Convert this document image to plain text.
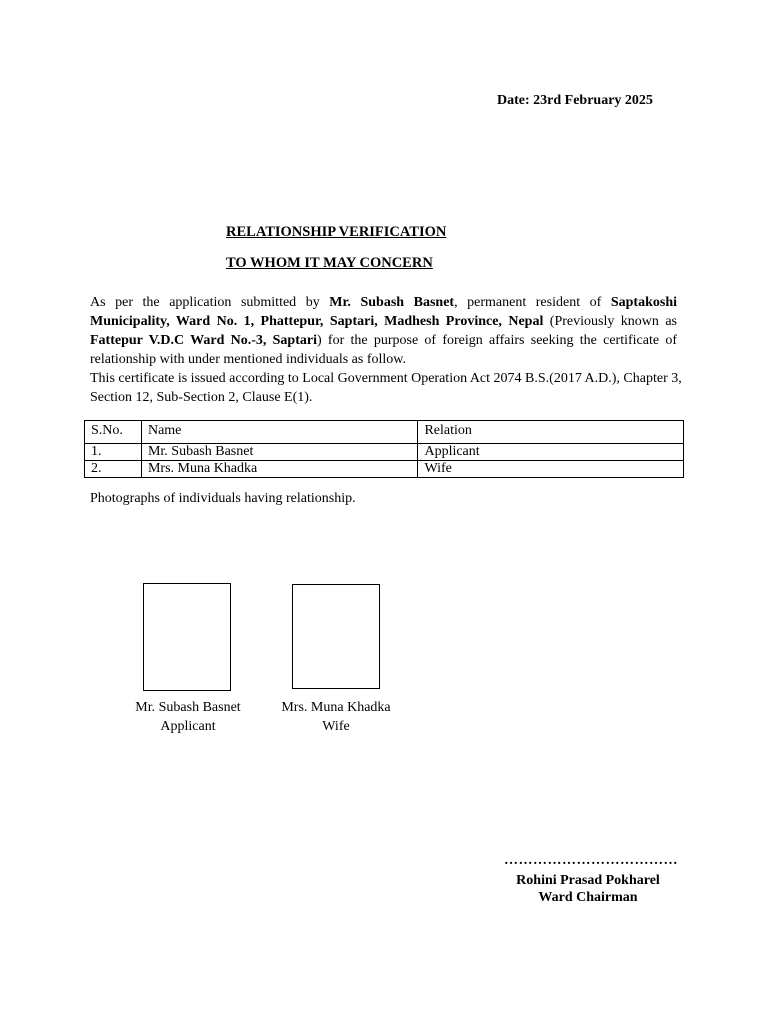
Date: 23rd February 2025
RELATIONSHIP VERIFICATION
TO WHOM IT MAY CONCERN

As per the application submitted by Mr. Subash Basnet, permanent resident of Saptakoshi Municipality, Ward No. 1, Phattepur, Saptari, Madhesh Province, Nepal (Previously known as Fattepur V.D.C Ward No.-3, Saptari) for the purpose of foreign affairs seeking the certificate of relationship with under mentioned individuals as follow.

This certificate is issued according to Local Government Operation Act 2074 B.S.(2017 A.D.), Chapter 3, Section 12, Sub-Section 2, Clause E(1).

S.No.	Name	Relation
1.	Mr. Subash Basnet	Applicant
2.	Mrs. Muna Khadka	Wife
Photographs of individuals having relationship.
Mr. Subash Basnet
Applicant
Mrs. Muna Khadka
Wife
………………………………
Rohini Prasad Pokharel
Ward Chairman
